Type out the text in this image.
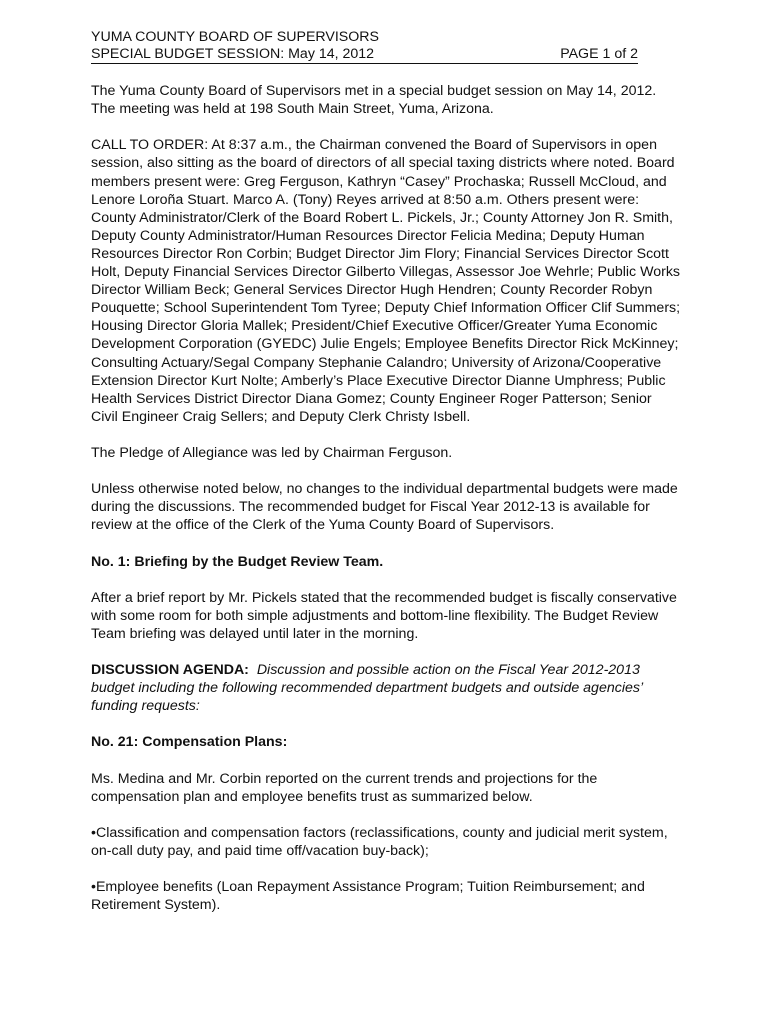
YUMA COUNTY BOARD OF SUPERVISORS
SPECIAL BUDGET SESSION: May 14, 2012	PAGE 1 of 2

The Yuma County Board of Supervisors met in a special budget session on May 14, 2012. The meeting was held at 198 South Main Street, Yuma, Arizona.

CALL TO ORDER: At 8:37 a.m., the Chairman convened the Board of Supervisors in open session, also sitting as the board of directors of all special taxing districts where noted. Board members present were: Greg Ferguson, Kathryn “Casey” Prochaska; Russell McCloud, and Lenore Loroña Stuart. Marco A. (Tony) Reyes arrived at 8:50 a.m. Others present were: County Administrator/Clerk of the Board Robert L. Pickels, Jr.; County Attorney Jon R. Smith, Deputy County Administrator/Human Resources Director Felicia Medina; Deputy Human Resources Director Ron Corbin; Budget Director Jim Flory; Financial Services Director Scott Holt, Deputy Financial Services Director Gilberto Villegas, Assessor Joe Wehrle; Public Works Director William Beck; General Services Director Hugh Hendren; County Recorder Robyn Pouquette; School Superintendent Tom Tyree; Deputy Chief Information Officer Clif Summers; Housing Director Gloria Mallek; President/Chief Executive Officer/Greater Yuma Economic Development Corporation (GYEDC) Julie Engels; Employee Benefits Director Rick McKinney; Consulting Actuary/Segal Company Stephanie Calandro; University of Arizona/Cooperative Extension Director Kurt Nolte; Amberly’s Place Executive Director Dianne Umphress; Public Health Services District Director Diana Gomez; County Engineer Roger Patterson; Senior Civil Engineer Craig Sellers; and Deputy Clerk Christy Isbell.

The Pledge of Allegiance was led by Chairman Ferguson.

Unless otherwise noted below, no changes to the individual departmental budgets were made during the discussions. The recommended budget for Fiscal Year 2012-13 is available for review at the office of the Clerk of the Yuma County Board of Supervisors.

No. 1: Briefing by the Budget Review Team.

After a brief report by Mr. Pickels stated that the recommended budget is fiscally conservative with some room for both simple adjustments and bottom-line flexibility. The Budget Review Team briefing was delayed until later in the morning.

DISCUSSION AGENDA: Discussion and possible action on the Fiscal Year 2012-2013 budget including the following recommended department budgets and outside agencies’ funding requests:

No. 21: Compensation Plans:

Ms. Medina and Mr. Corbin reported on the current trends and projections for the compensation plan and employee benefits trust as summarized below.

•Classification and compensation factors (reclassifications, county and judicial merit system, on-call duty pay, and paid time off/vacation buy-back);

•Employee benefits (Loan Repayment Assistance Program; Tuition Reimbursement; and Retirement System).
